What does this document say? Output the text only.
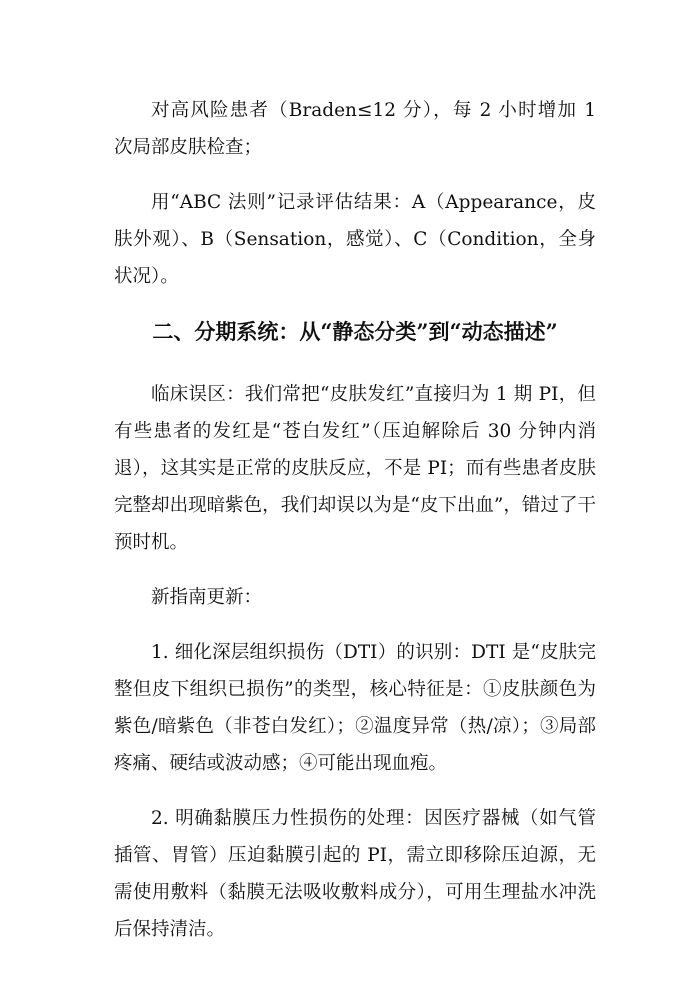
对高风险患者（Braden≤12 分），每 2 小时增加 1 次局部皮肤检查；

用“ABC 法则”记录评估结果：A（Appearance，皮肤外观）、B（Sensation，感觉）、C（Condition，全身状况）。

二、分期系统：从“静态分类”到“动态描述”

临床误区：我们常把“皮肤发红”直接归为 1 期 PI，但有些患者的发红是“苍白发红”（压迫解除后 30 分钟内消退），这其实是正常的皮肤反应，不是 PI；而有些患者皮肤完整却出现暗紫色，我们却误以为是“皮下出血”，错过了干预时机。

新指南更新：

1. 细化深层组织损伤（DTI）的识别：DTI 是“皮肤完整但皮下组织已损伤”的类型，核心特征是：①皮肤颜色为紫色/暗紫色（非苍白发红）；②温度异常（热/凉）；③局部疼痛、硬结或波动感；④可能出现血疱。

2. 明确黏膜压力性损伤的处理：因医疗器械（如气管插管、胃管）压迫黏膜引起的 PI，需立即移除压迫源，无需使用敷料（黏膜无法吸收敷料成分），可用生理盐水冲洗后保持清洁。
